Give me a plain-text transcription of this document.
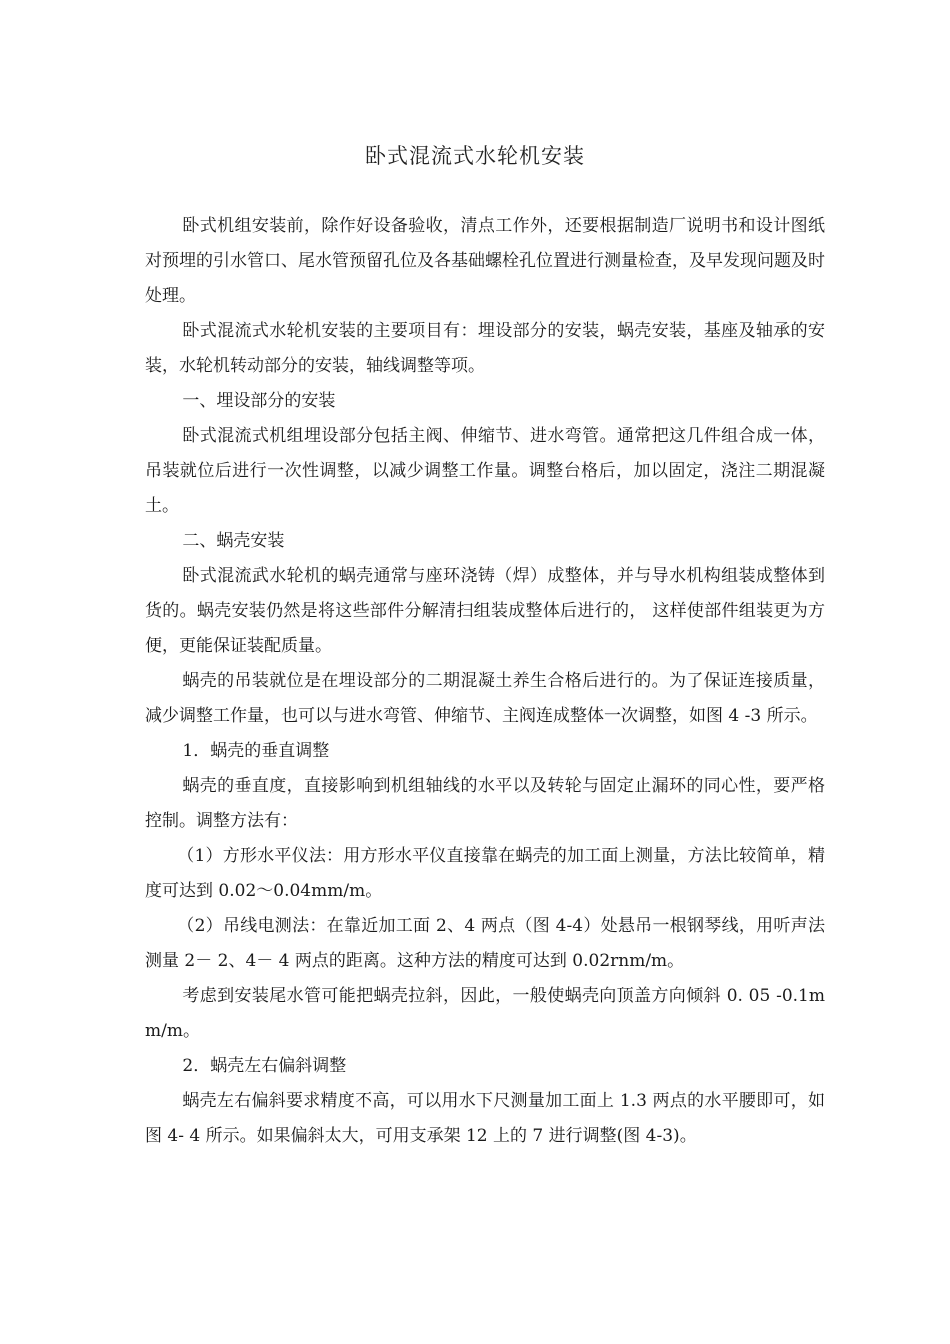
卧式混流式水轮机安装

卧式机组安装前，除作好设备验收，清点工作外，还要根据制造厂说明书和设计图纸对预埋的引水管口、尾水管预留孔位及各基础螺栓孔位置进行测量检查，及早发现问题及时处理。

卧式混流式水轮机安装的主要项目有：埋设部分的安装，蜗壳安装，基座及轴承的安装，水轮机转动部分的安装，轴线调整等项。

一、埋设部分的安装

卧式混流式机组埋设部分包括主阀、伸缩节、进水弯管。通常把这几件组合成一体，吊装就位后进行一次性调整，以减少调整工作量。调整台格后，加以固定，浇注二期混凝土。

二、蜗壳安装

卧式混流武水轮机的蜗壳通常与座环浇铸（焊）成整体，并与导水机构组装成整体到货的。蜗壳安装仍然是将这些部件分解清扫组装成整体后进行的， 这样使部件组装更为方便，更能保证装配质量。

蜗壳的吊装就位是在埋设部分的二期混凝土养生合格后进行的。为了保证连接质量，减少调整工作量，也可以与进水弯管、伸缩节、主阀连成整体一次调整，如图 4 -3 所示。

1．蜗壳的垂直调整

蜗壳的垂直度，直接影响到机组轴线的水平以及转轮与固定止漏环的同心性，要严格控制。调整方法有：

（1）方形水平仪法：用方形水平仪直接靠在蜗壳的加工面上测量，方法比较简单，精度可达到 0.02～0.04mm/m。

（2）吊线电测法：在靠近加工面 2、4 两点（图 4-4）处悬吊一根钢琴线，用听声法测量 2－ 2、4－ 4 两点的距离。这种方法的精度可达到 0.02rnm/m。

考虑到安装尾水管可能把蜗壳拉斜，因此，一般使蜗壳向顶盖方向倾斜 0. 05 -0.1mm/m。

2．蜗壳左右偏斜调整

蜗壳左右偏斜要求精度不高，可以用水下尺测量加工面上 1.3 两点的水平腰即可，如图 4- 4 所示。如果偏斜太大，可用支承架 12 上的 7 进行调整(图 4-3)。
